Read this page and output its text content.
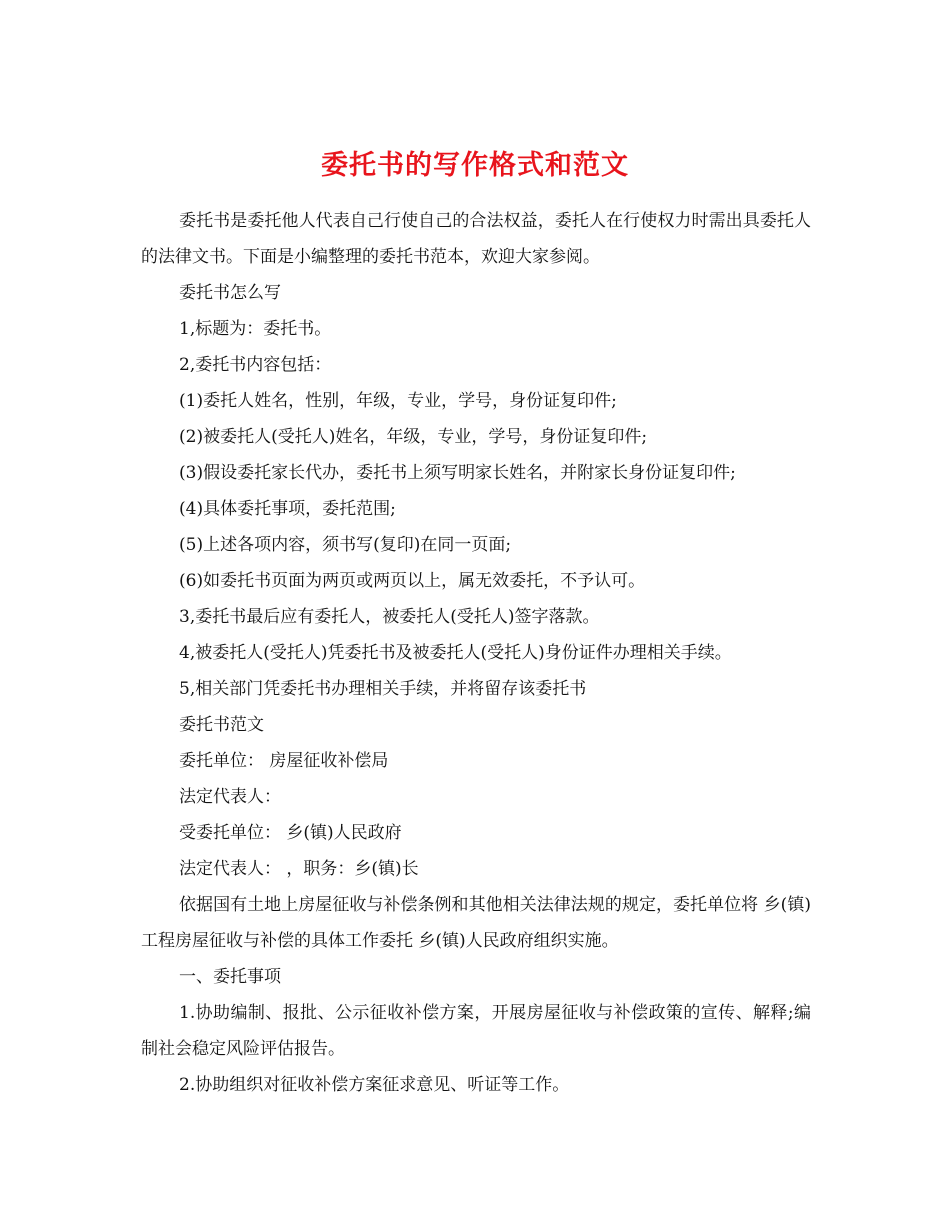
委托书的写作格式和范文

委托书是委托他人代表自己行使自己的合法权益，委托人在行使权力时需出具委托人的法律文书。下面是小编整理的委托书范本，欢迎大家参阅。

委托书怎么写

1,标题为：委托书。

2,委托书内容包括：

(1)委托人姓名，性别，年级，专业，学号，身份证复印件;

(2)被委托人(受托人)姓名，年级，专业，学号，身份证复印件;

(3)假设委托家长代办，委托书上须写明家长姓名，并附家长身份证复印件;

(4)具体委托事项，委托范围;

(5)上述各项内容，须书写(复印)在同一页面;

(6)如委托书页面为两页或两页以上，属无效委托，不予认可。

3,委托书最后应有委托人，被委托人(受托人)签字落款。

4,被委托人(受托人)凭委托书及被委托人(受托人)身份证件办理相关手续。

5,相关部门凭委托书办理相关手续，并将留存该委托书

委托书范文

委托单位： 房屋征收补偿局

法定代表人：

受委托单位： 乡(镇)人民政府

法定代表人： ，职务：乡(镇)长

依据国有土地上房屋征收与补偿条例和其他相关法律法规的规定，委托单位将 乡(镇) 工程房屋征收与补偿的具体工作委托 乡(镇)人民政府组织实施。

一、委托事项

1.协助编制、报批、公示征收补偿方案，开展房屋征收与补偿政策的宣传、解释;编制社会稳定风险评估报告。

2.协助组织对征收补偿方案征求意见、听证等工作。
